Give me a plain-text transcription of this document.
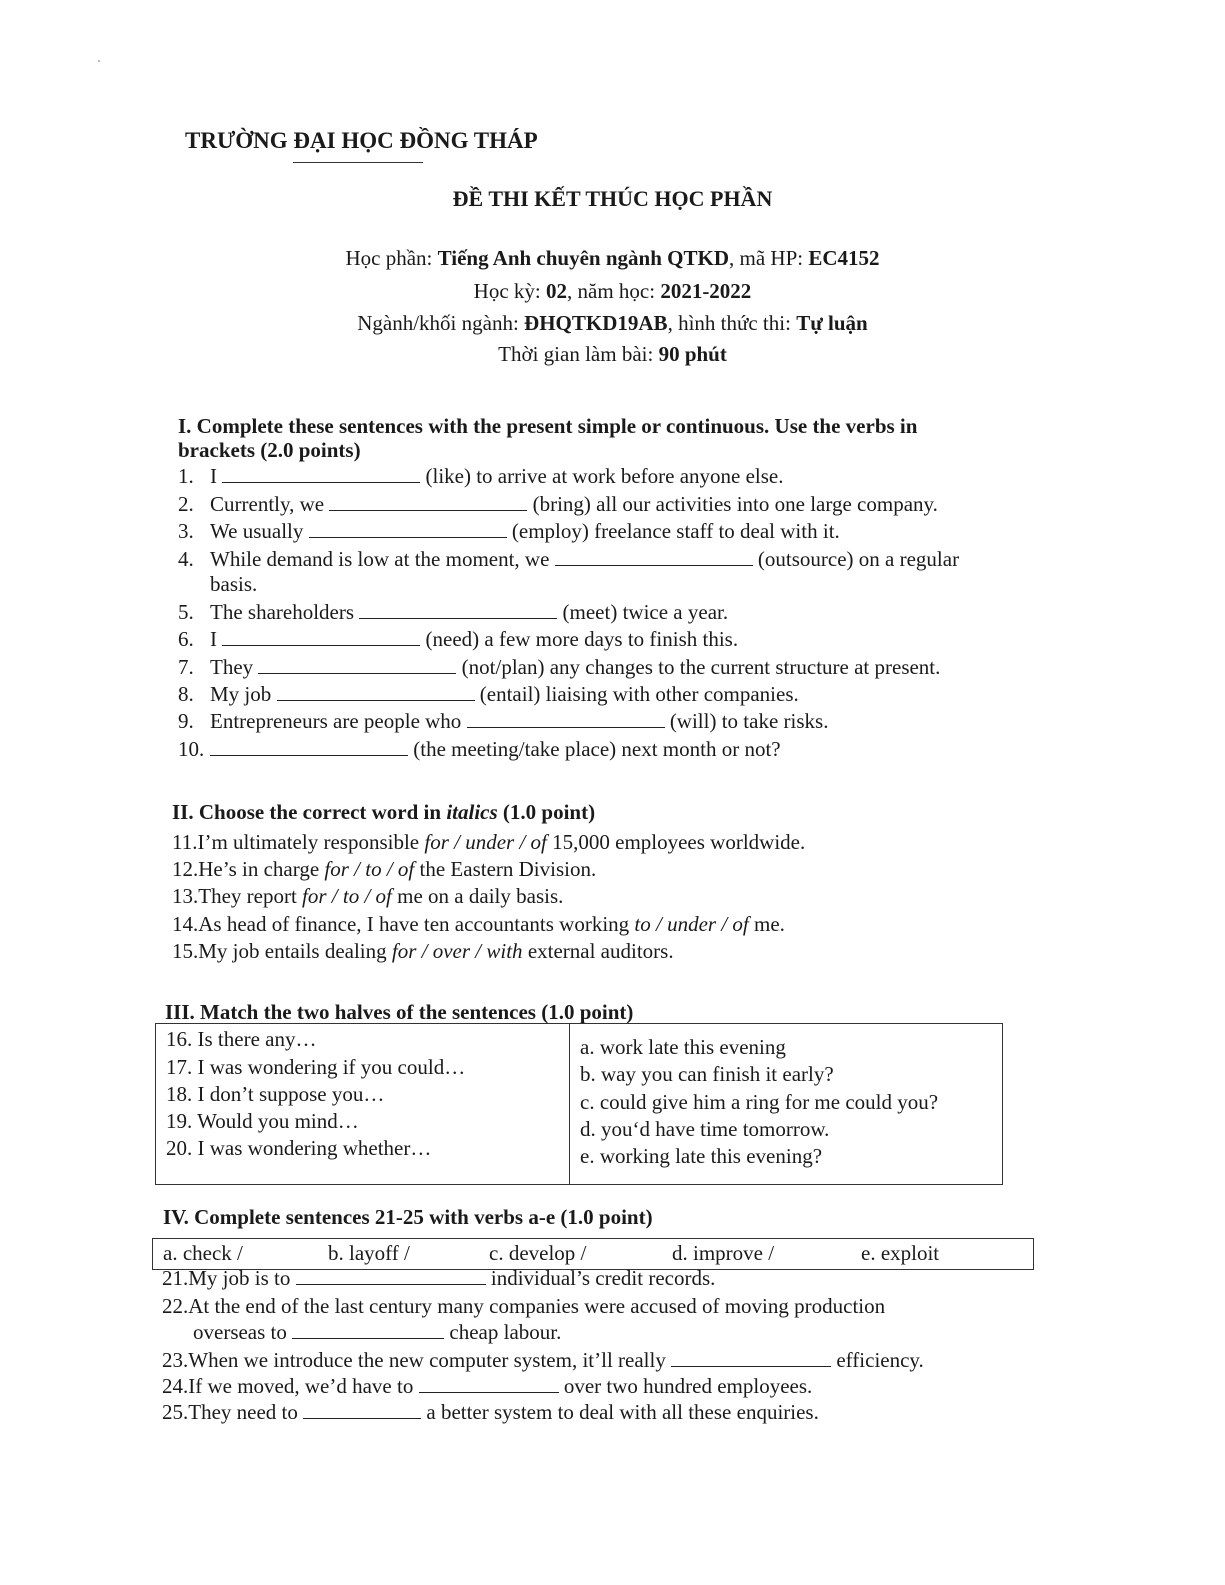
TRƯỜNG ĐẠI HỌC ĐỒNG THÁP
ĐỀ THI KẾT THÚC HỌC PHẦN
Học phần: Tiếng Anh chuyên ngành QTKD, mã HP: EC4152
Học kỳ: 02, năm học: 2021-2022
Ngành/khối ngành: ĐHQTKD19AB, hình thức thi: Tự luận
Thời gian làm bài: 90 phút
I. Complete these sentences with the present simple or continuous. Use the verbs in
brackets (2.0 points)
1. I	(like) to arrive at work before anyone else.
2. Currently, we	(bring) all our activities into one large company.
3. We usually	(employ) freelance staff to deal with it.
4. While demand is low at the moment, we	(outsource) on a regular
basis.
5. The shareholders	(meet) twice a year.
6. I	(need) a few more days to finish this.
7. They	(not/plan) any changes to the current structure at present.
8. My job	(entail) liaising with other companies.
9. Entrepreneurs are people who	(will) to take risks.
10.	(the meeting/take place) next month or not?
II. Choose the correct word in italics (1.0 point)
11.I’m ultimately responsible for / under / of 15,000 employees worldwide.
12.He’s in charge for / to / of the Eastern Division.
13.They report for / to / of me on a daily basis.
14.As head of finance, I have ten accountants working to / under / of me.
15.My job entails dealing for / over / with external auditors.
III. Match the two halves of the sentences (1.0 point)
16. Is there any…
17. I was wondering if you could…
18. I don’t suppose you…
19. Would you mind…
20. I was wondering whether…
a. work late this evening
b. way you can finish it early?
c. could give him a ring for me could you?
d. you‘d have time tomorrow.
e. working late this evening?
IV. Complete sentences 21-25 with verbs a-e (1.0 point)
a. check /	b. layoff /	c. develop /	d. improve /	e. exploit
21.My job is to	individual’s credit records.
22.At the end of the last century many companies were accused of moving production
overseas to	cheap labour.
23.When we introduce the new computer system, it’ll really	efficiency.
24.If we moved, we’d have to	over two hundred employees.
25.They need to	a better system to deal with all these enquiries.
